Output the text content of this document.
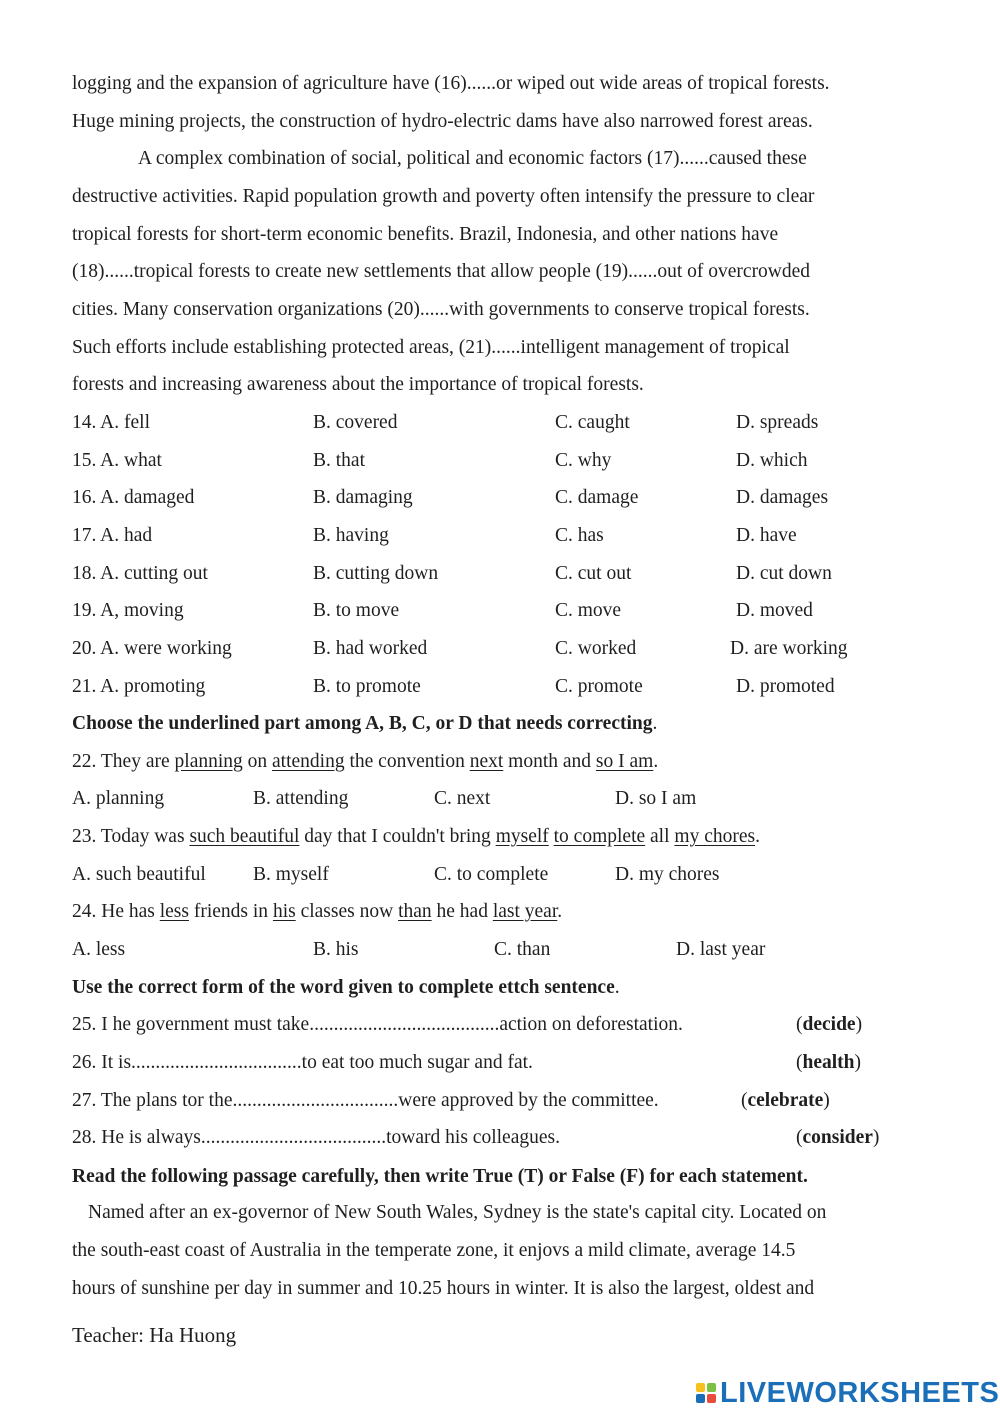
logging and the expansion of agriculture have (16)......or wiped out wide areas of tropical forests.
Huge mining projects, the construction of hydro-electric dams have also narrowed forest areas.
A complex combination of social, political and economic factors (17)......caused these
destructive activities. Rapid population growth and poverty often intensify the pressure to clear
tropical forests for short-term economic benefits. Brazil, Indonesia, and other nations have
(18)......tropical forests to create new settlements that allow people (19)......out of overcrowded
cities. Many conservation organizations (20)......with governments to conserve tropical forests.
Such efforts include establishing protected areas, (21)......intelligent management of tropical
forests and increasing awareness about the importance of tropical forests.
14. A. fell	B. covered	C. caught	D. spreads
15. A. what	B. that	C. why	D. which
16. A. damaged	B. damaging	C. damage	D. damages
17. A. had	B. having	C. has	D. have
18. A. cutting out	B. cutting down	C. cut out	D. cut down
19. A, moving	B. to move	C. move	D. moved
20. A. were working	B. had worked	C. worked	D. are working
21. A. promoting	B. to promote	C. promote	D. promoted
Choose the underlined part among A, B, C, or D that needs correcting.
22. They are planning on attending the convention next month and so I am.
A. planning	B. attending	C. next	D. so I am
23. Today was such beautiful day that I couldn't bring myself to complete all my chores.
A. such beautiful B. myself	C. to complete	D. my chores
24. He has less friends in his classes now than he had last year.
A. less	B. his	C. than	D. last year
Use the correct form of the word given to complete ettch sentence.
25. I he government must take.......................................action on deforestation.	(decide)
26. It is...................................to eat too much sugar and fat.	(health)
27. The plans tor the..................................were approved by the committee.	(celebrate)
28. He is always......................................toward his colleagues.	(consider)
Read the following passage carefully, then write True (T) or False (F) for each statement.
Named after an ex-governor of New South Wales, Sydney is the state's capital city. Located on
the south-east coast of Australia in the temperate zone, it enjovs a mild climate, average 14.5
hours of sunshine per day in summer and 10.25 hours in winter. It is also the largest, oldest and
Teacher: Ha Huong
LIVEWORKSHEETS
